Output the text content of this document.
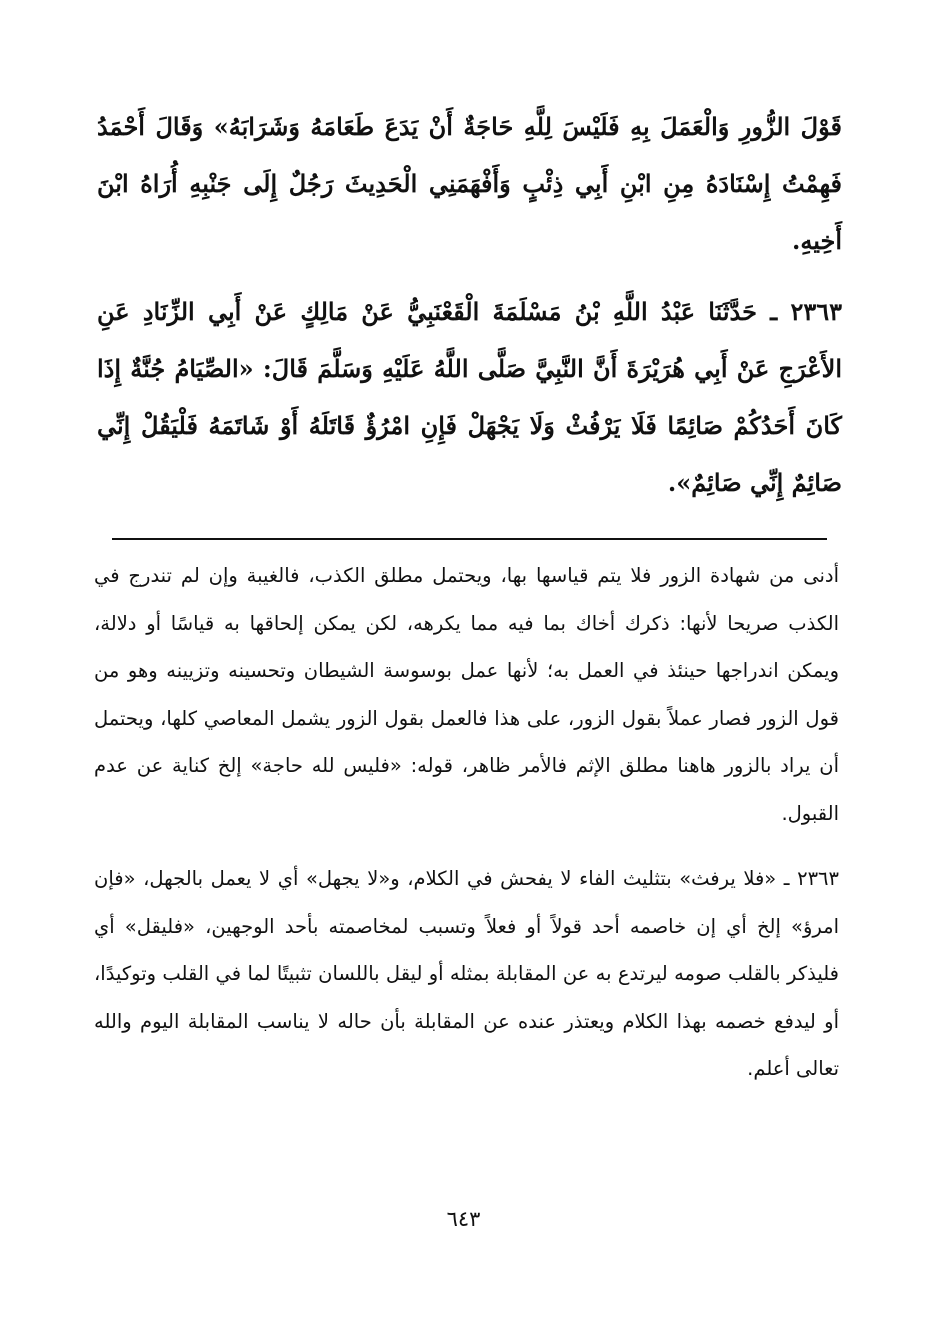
قَوْلَ الزُّورِ وَالْعَمَلَ بِهِ فَلَيْسَ لِلَّهِ حَاجَةٌ أَنْ يَدَعَ طَعَامَهُ وَشَرَابَهُ» وَقَالَ أَحْمَدُ فَهِمْتُ إِسْنَادَهُ مِنِ ابْنِ أَبِي ذِئْبٍ وَأَفْهَمَنِي الْحَدِيثَ رَجُلٌ إِلَى جَنْبِهِ أُرَاهُ ابْنَ أَخِيهِ.

٢٣٦٣ ـ حَدَّثَنَا عَبْدُ اللَّهِ بْنُ مَسْلَمَةَ الْقَعْنَبِيُّ عَنْ مَالِكٍ عَنْ أَبِي الزِّنَادِ عَنِ الأَعْرَجِ عَنْ أَبِي هُرَيْرَةَ أَنَّ النَّبِيَّ صَلَّى اللَّهُ عَلَيْهِ وَسَلَّمَ قَالَ: «الصِّيَامُ جُنَّةٌ إِذَا كَانَ أَحَدُكُمْ صَائِمًا فَلَا يَرْفُثْ وَلَا يَجْهَلْ فَإِنِ امْرُؤٌ قَاتَلَهُ أَوْ شَاتَمَهُ فَلْيَقُلْ إِنِّي صَائِمٌ إِنِّي صَائِمٌ».

أدنى من شهادة الزور فلا يتم قياسها بها، ويحتمل مطلق الكذب، فالغيبة وإن لم تندرج في الكذب صريحا لأنها: ذكرك أخاك بما فيه مما يكرهه، لكن يمكن إلحاقها به قياسًا أو دلالة، ويمكن اندراجها حينئذ في العمل به؛ لأنها عمل بوسوسة الشيطان وتحسينه وتزيينه وهو من قول الزور فصار عملاً بقول الزور، على هذا فالعمل بقول الزور يشمل المعاصي كلها، ويحتمل أن يراد بالزور هاهنا مطلق الإثم فالأمر ظاهر، قوله: «فليس لله حاجة» إلخ كناية عن عدم القبول.

٢٣٦٣ ـ «فلا يرفث» بتثليث الفاء لا يفحش في الكلام، و«لا يجهل» أي لا يعمل بالجهل، «فإن امرؤ» إلخ أي إن خاصمه أحد قولاً أو فعلاً وتسبب لمخاصمته بأحد الوجهين، «فليقل» أي فليذكر بالقلب صومه ليرتدع به عن المقابلة بمثله أو ليقل باللسان تثبيتًا لما في القلب وتوكيدًا، أو ليدفع خصمه بهذا الكلام ويعتذر عنده عن المقابلة بأن حاله لا يناسب المقابلة اليوم والله تعالى أعلم.

٦٤٣
